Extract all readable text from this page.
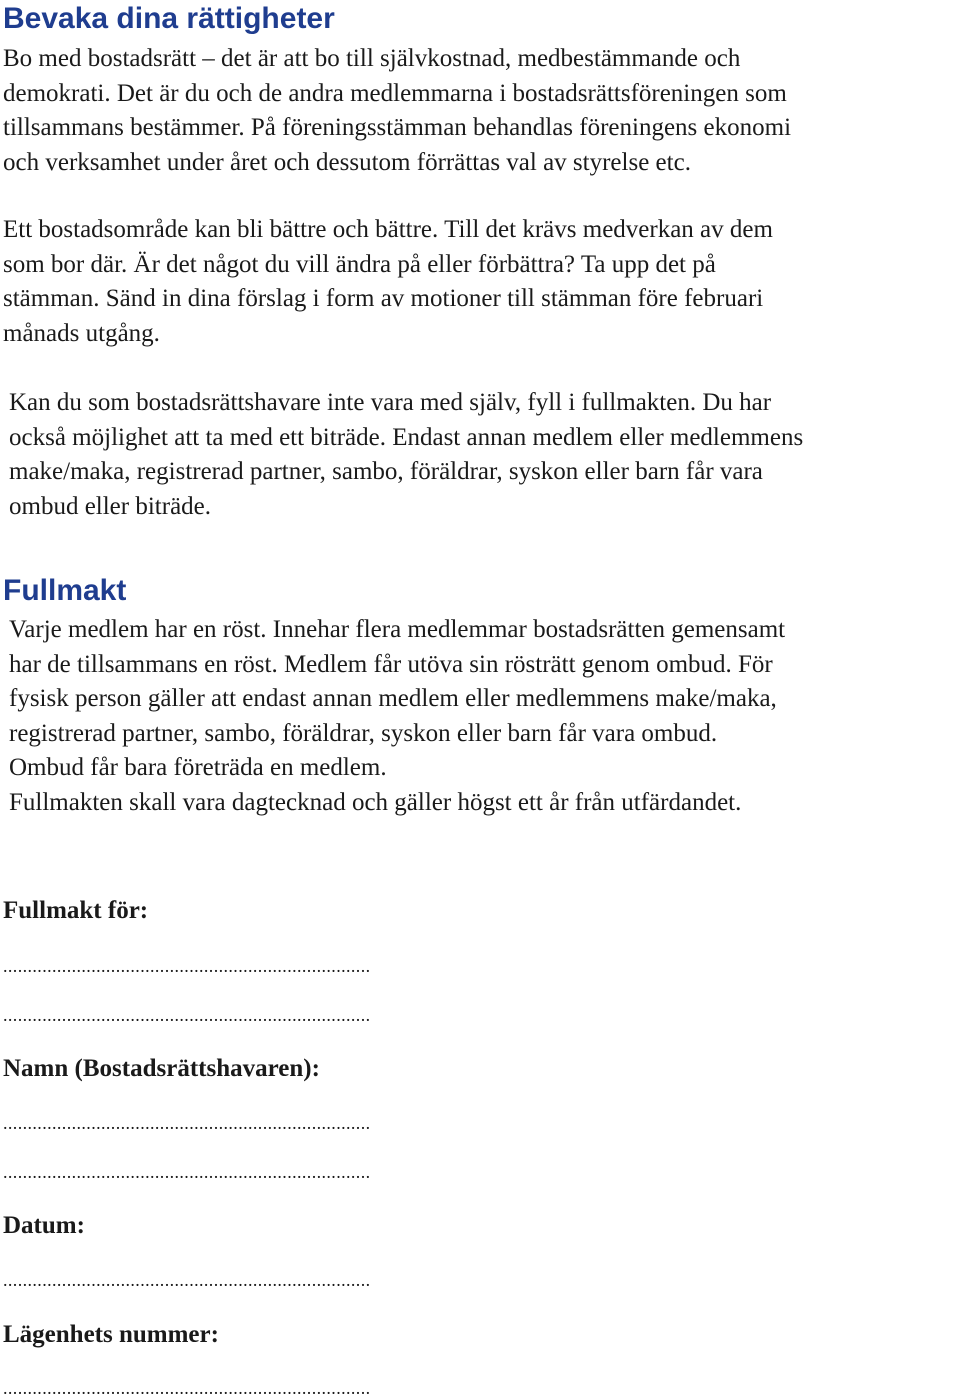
Bevaka dina rättigheter
Bo med bostadsrätt – det är att bo till självkostnad, medbestämmande och
demokrati. Det är du och de andra medlemmarna i bostadsrättsföreningen som
tillsammans bestämmer. På föreningsstämman behandlas föreningens ekonomi
och verksamhet under året och dessutom förrättas val av styrelse etc.
Ett bostadsområde kan bli bättre och bättre. Till det krävs medverkan av dem
som bor där. Är det något du vill ändra på eller förbättra? Ta upp det på
stämman. Sänd in dina förslag i form av motioner till stämman före februari
månads utgång.
Kan du som bostadsrättshavare inte vara med själv, fyll i fullmakten. Du har
också möjlighet att ta med ett biträde. Endast annan medlem eller medlemmens
make/maka, registrerad partner, sambo, föräldrar, syskon eller barn får vara
ombud eller biträde.
Fullmakt
Varje medlem har en röst. Innehar flera medlemmar bostadsrätten gemensamt
har de tillsammans en röst. Medlem får utöva sin rösträtt genom ombud. För
fysisk person gäller att endast annan medlem eller medlemmens make/maka,
registrerad partner, sambo, föräldrar, syskon eller barn får vara ombud.
Ombud får bara företräda en medlem.
Fullmakten skall vara dagtecknad och gäller högst ett år från utfärdandet.
Fullmakt för:
...........................................................................
...........................................................................
Namn (Bostadsrättshavaren):
...........................................................................
...........................................................................
Datum:
...........................................................................
Lägenhets nummer:
...........................................................................
